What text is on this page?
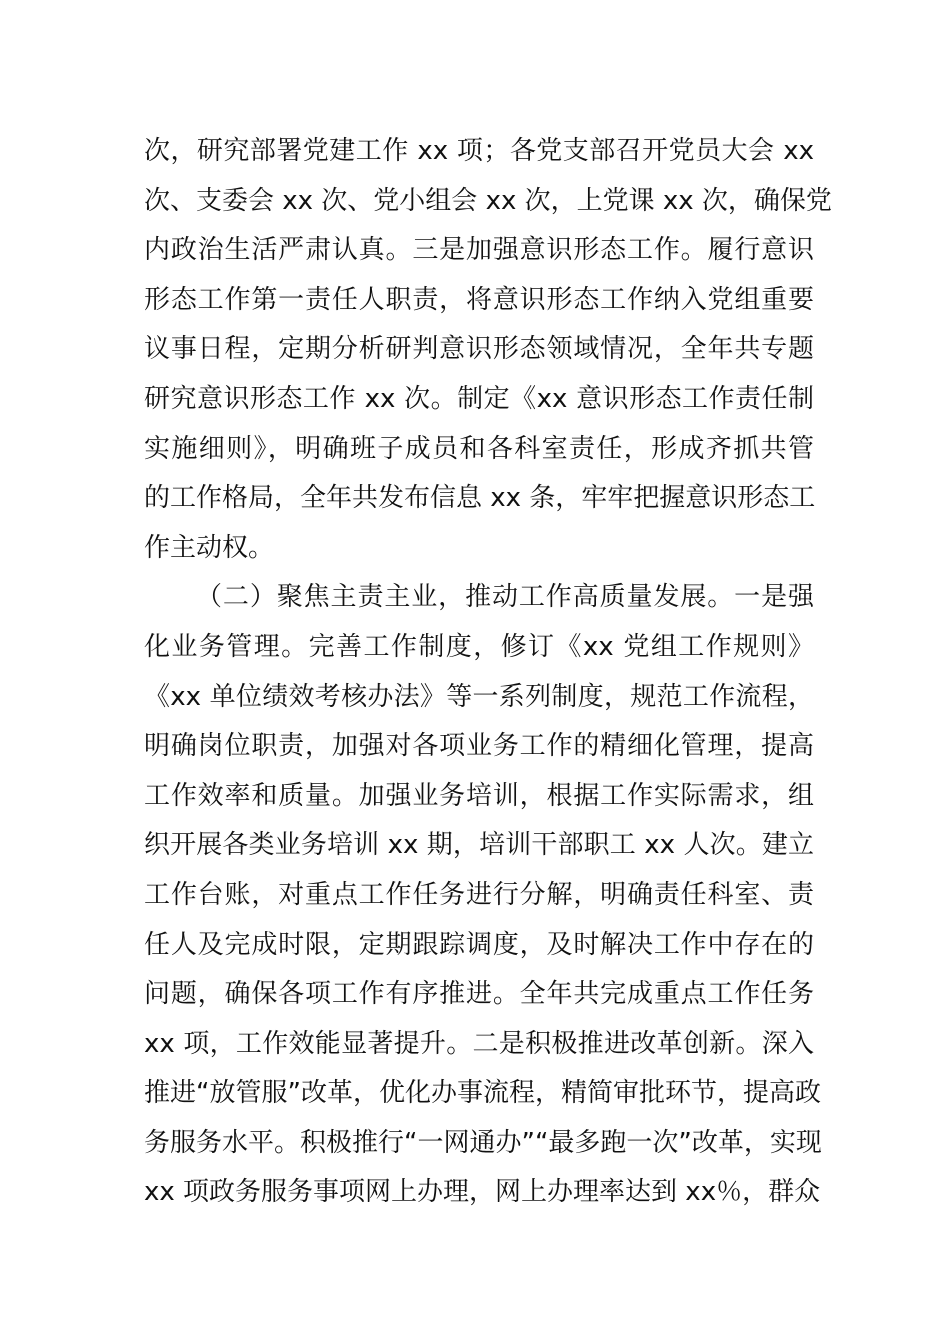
次，研究部署党建工作 xx 项；各党支部召开党员大会 xx
次、支委会 xx 次、党小组会 xx 次，上党课 xx 次，确保党
内政治生活严肃认真。三是加强意识形态工作。履行意识
形态工作第一责任人职责，将意识形态工作纳入党组重要
议事日程，定期分析研判意识形态领域情况，全年共专题
研究意识形态工作 xx 次。制定《xx 意识形态工作责任制
实施细则》，明确班子成员和各科室责任，形成齐抓共管
的工作格局，全年共发布信息 xx 条，牢牢把握意识形态工
作主动权。
（二）聚焦主责主业，推动工作高质量发展。一是强
化业务管理。完善工作制度，修订《xx 党组工作规则》
《xx 单位绩效考核办法》等一系列制度，规范工作流程，
明确岗位职责，加强对各项业务工作的精细化管理，提高
工作效率和质量。加强业务培训，根据工作实际需求，组
织开展各类业务培训 xx 期，培训干部职工 xx 人次。建立
工作台账，对重点工作任务进行分解，明确责任科室、责
任人及完成时限，定期跟踪调度，及时解决工作中存在的
问题，确保各项工作有序推进。全年共完成重点工作任务
xx 项，工作效能显著提升。二是积极推进改革创新。深入
推进“放管服”改革，优化办事流程，精简审批环节，提高政
务服务水平。积极推行“一网通办”“最多跑一次”改革，实现
xx 项政务服务事项网上办理，网上办理率达到 xx％，群众
